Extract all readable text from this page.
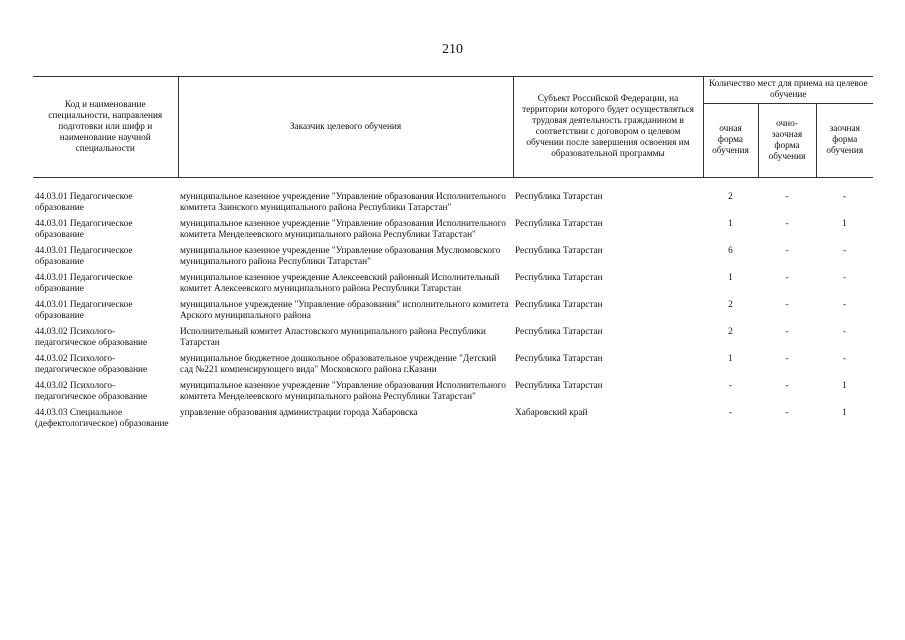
210
Код и наименование специальности, направления подготовки или шифр и наименование научной специальности	Заказчик целевого обучения	Субъект Российской Федерации, на территории которого будет осуществляться трудовая деятельность гражданином в соответствии с договором о целевом обучении после завершения освоения им образовательной программы	Количество мест для приема на целевое обучение		
			очная форма обучения	очно-заочная форма обучения	заочная форма обучения
44.03.01 Педагогическое образование	муниципальное казенное учреждение "Управление образования Исполнительного комитета Заинского муниципального района Республики Татарстан"	Республика Татарстан	2	-	-
44.03.01 Педагогическое образование	муниципальное казенное учреждение "Управление образования Исполнительного комитета Менделеевского муниципального района Республики Татарстан"	Республика Татарстан	1	-	1
44.03.01 Педагогическое образование	муниципальное казенное учреждение "Управление образования Муслюмовского муниципального района Республики Татарстан"	Республика Татарстан	6	-	-
44.03.01 Педагогическое образование	муниципальное казенное учреждение Алексеевский районный Исполнительный комитет Алексеевского муниципального района Республики Татарстан	Республика Татарстан	1	-	-
44.03.01 Педагогическое образование	муниципальное учреждение "Управление образования" исполнительного комитета Арского муниципального района	Республика Татарстан	2	-	-
44.03.02 Психолого-педагогическое образование	Исполнительный комитет Апастовского муниципального района Республики Татарстан	Республика Татарстан	2	-	-
44.03.02 Психолого-педагогическое образование	муниципальное бюджетное дошкольное образовательное учреждение "Детский сад №221 компенсирующего вида" Московского района г.Казани	Республика Татарстан	1	-	-
44.03.02 Психолого-педагогическое образование	муниципальное казенное учреждение "Управление образования Исполнительного комитета Менделеевского муниципального района Республики Татарстан"	Республика Татарстан	-	-	1
44.03.03 Специальное (дефектологическое) образование	управление образования администрации города Хабаровска	Хабаровский край	-	-	1
